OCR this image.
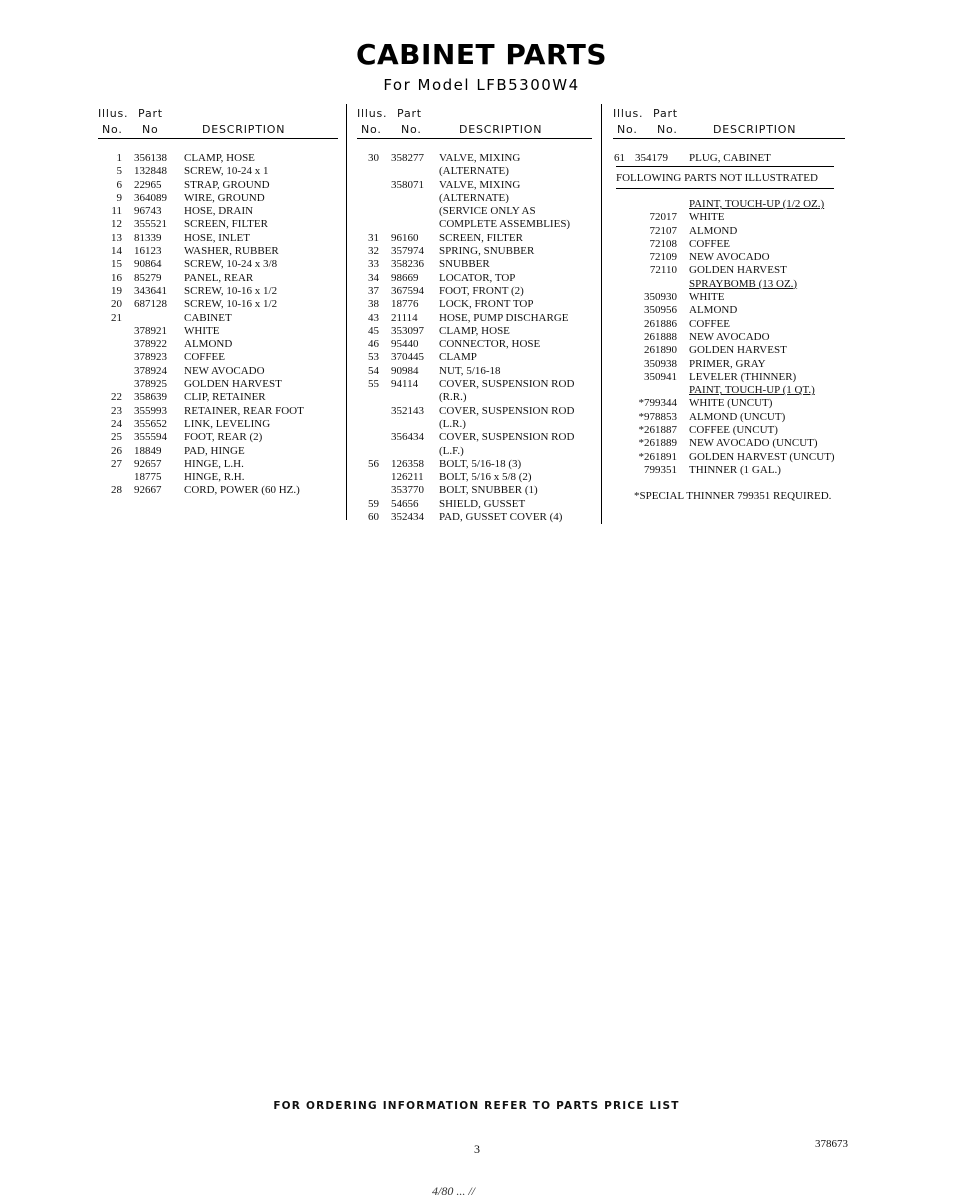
CABINET PARTS
For Model LFB5300W4
Illus. Part
No. No	DESCRIPTION
1 356138 CLAMP, HOSE
5 132848 SCREW, 10-24 x 1
6 22965 STRAP, GROUND
9 364089 WIRE, GROUND
11 96743 HOSE, DRAIN
12 355521 SCREEN, FILTER
13 81339 HOSE, INLET
14 16123 WASHER, RUBBER
15 90864 SCREW, 10-24 x 3/8
16 85279 PANEL, REAR
19 343641 SCREW, 10-16 x 1/2
20 687128 SCREW, 10-16 x 1/2
21	CABINET
378921 WHITE
378922 ALMOND
378923 COFFEE
378924 NEW AVOCADO
378925 GOLDEN HARVEST
22 358639 CLIP, RETAINER
23 355993 RETAINER, REAR FOOT
24 355652 LINK, LEVELING
25 355594 FOOT, REAR (2)
26 18849 PAD, HINGE
27 92657 HINGE, L.H.
18775 HINGE, R.H.
28 92667 CORD, POWER (60 HZ.)
Illus. Part
No. No.	DESCRIPTION
30 358277 VALVE, MIXING
(ALTERNATE)
358071 VALVE, MIXING
(ALTERNATE)
(SERVICE ONLY AS
COMPLETE ASSEMBLIES)
31 96160 SCREEN, FILTER
32 357974 SPRING, SNUBBER
33 358236 SNUBBER
34 98669 LOCATOR, TOP
37 367594 FOOT, FRONT (2)
38 18776 LOCK, FRONT TOP
43 21114 HOSE, PUMP DISCHARGE
45 353097 CLAMP, HOSE
46 95440 CONNECTOR, HOSE
53 370445 CLAMP
54 90984 NUT, 5/16-18
55 94114 COVER, SUSPENSION ROD
(R.R.)
352143 COVER, SUSPENSION ROD
(L.R.)
356434 COVER, SUSPENSION ROD
(L.F.)
56 126358 BOLT, 5/16-18 (3)
126211 BOLT, 5/16 x 5/8 (2)
353770 BOLT, SNUBBER (1)
59 54656 SHIELD, GUSSET
60 352434 PAD, GUSSET COVER (4)
Illus. Part
No. No.	DESCRIPTION
61 354179 PLUG, CABINET
FOLLOWING PARTS NOT ILLUSTRATED
PAINT, TOUCH-UP (1/2 OZ.)
72017 WHITE
72107 ALMOND
72108 COFFEE
72109 NEW AVOCADO
72110 GOLDEN HARVEST
SPRAYBOMB (13 OZ.)
350930 WHITE
350956 ALMOND
261886 COFFEE
261888 NEW AVOCADO
261890 GOLDEN HARVEST
350938 PRIMER, GRAY
350941 LEVELER (THINNER)
PAINT, TOUCH-UP (1 QT.)
*799344 WHITE (UNCUT)
*978853 ALMOND (UNCUT)
*261887 COFFEE (UNCUT)
*261889 NEW AVOCADO (UNCUT)
*261891 GOLDEN HARVEST (UNCUT)
799351 THINNER (1 GAL.)
*SPECIAL THINNER 799351 REQUIRED.
FOR ORDERING INFORMATION REFER TO PARTS PRICE LIST
3	378673
4/80 ... //
